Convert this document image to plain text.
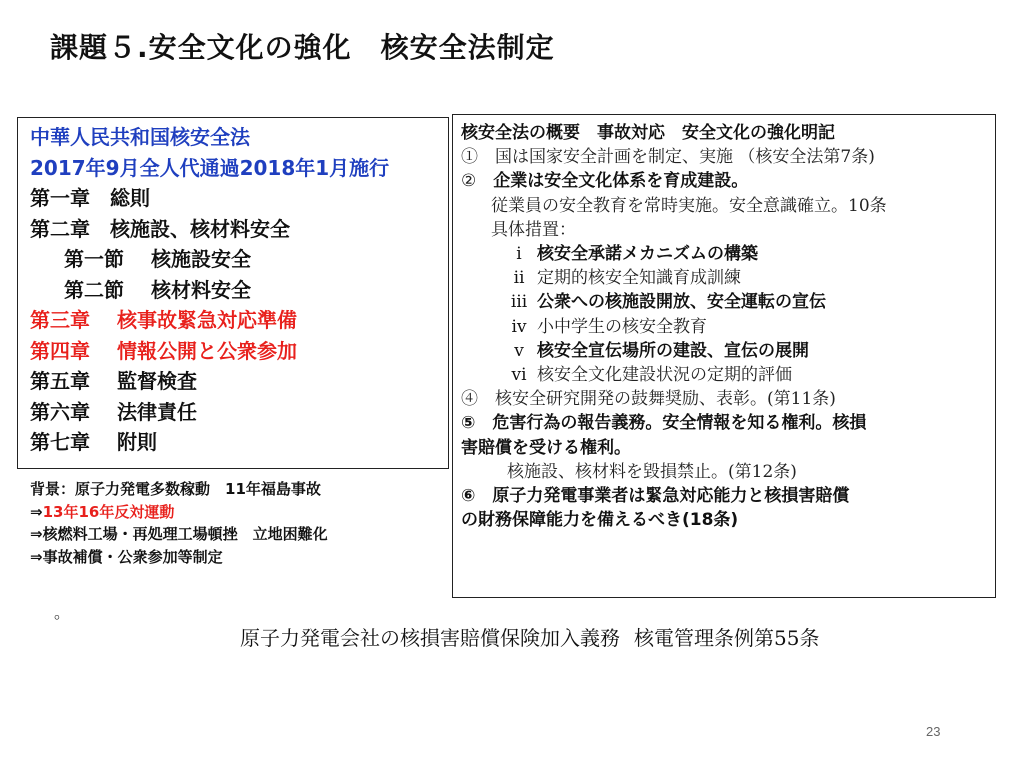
課題５.安全文化の強化　核安全法制定
中華人民共和国核安全法
2017年9月全人代通過2018年1月施行
第一章　総則
第二章　核施設、核材料安全
第一節　 核施設安全
第二節　 核材料安全
第三章　 核事故緊急対応準備
第四章　 情報公開と公衆参加
第五章　 監督検査
第六章　 法律責任
第七章　 附則
背景：原子力発電多数稼動　11年福島事故
⇒13年16年反対運動
⇒核燃料工場・再処理工場頓挫　立地困難化
⇒事故補償・公衆参加等制定
核安全法の概要　事故対応　安全文化の強化明記
①　国は国家安全計画を制定、実施 （核安全法第7条)
②　 企業は安全文化体系を育成建設。
従業員の安全教育を常時実施。安全意識確立。10条
具体措置：
ⅰ 核安全承諾メカニズムの構築
ⅱ 定期的核安全知識育成訓練
ⅲ 公衆への核施設開放、安全運転の宣伝
ⅳ 小中学生の核安全教育
ⅴ 核安全宣伝場所の建設、宣伝の展開
ⅵ 核安全文化建設状況の定期的評価
④　核安全研究開発の鼓舞奨励、表彰。(第11条)
⑤　危害行為の報告義務。安全情報を知る権利。核損
害賠償を受ける権利。
核施設、核材料を毀損禁止。(第12条)
⑥　原子力発電事業者は緊急対応能力と核損害賠償
の財務保障能力を備えるべき(18条)
。
原子力発電会社の核損害賠償保険加入義務 核電管理条例第55条
23
